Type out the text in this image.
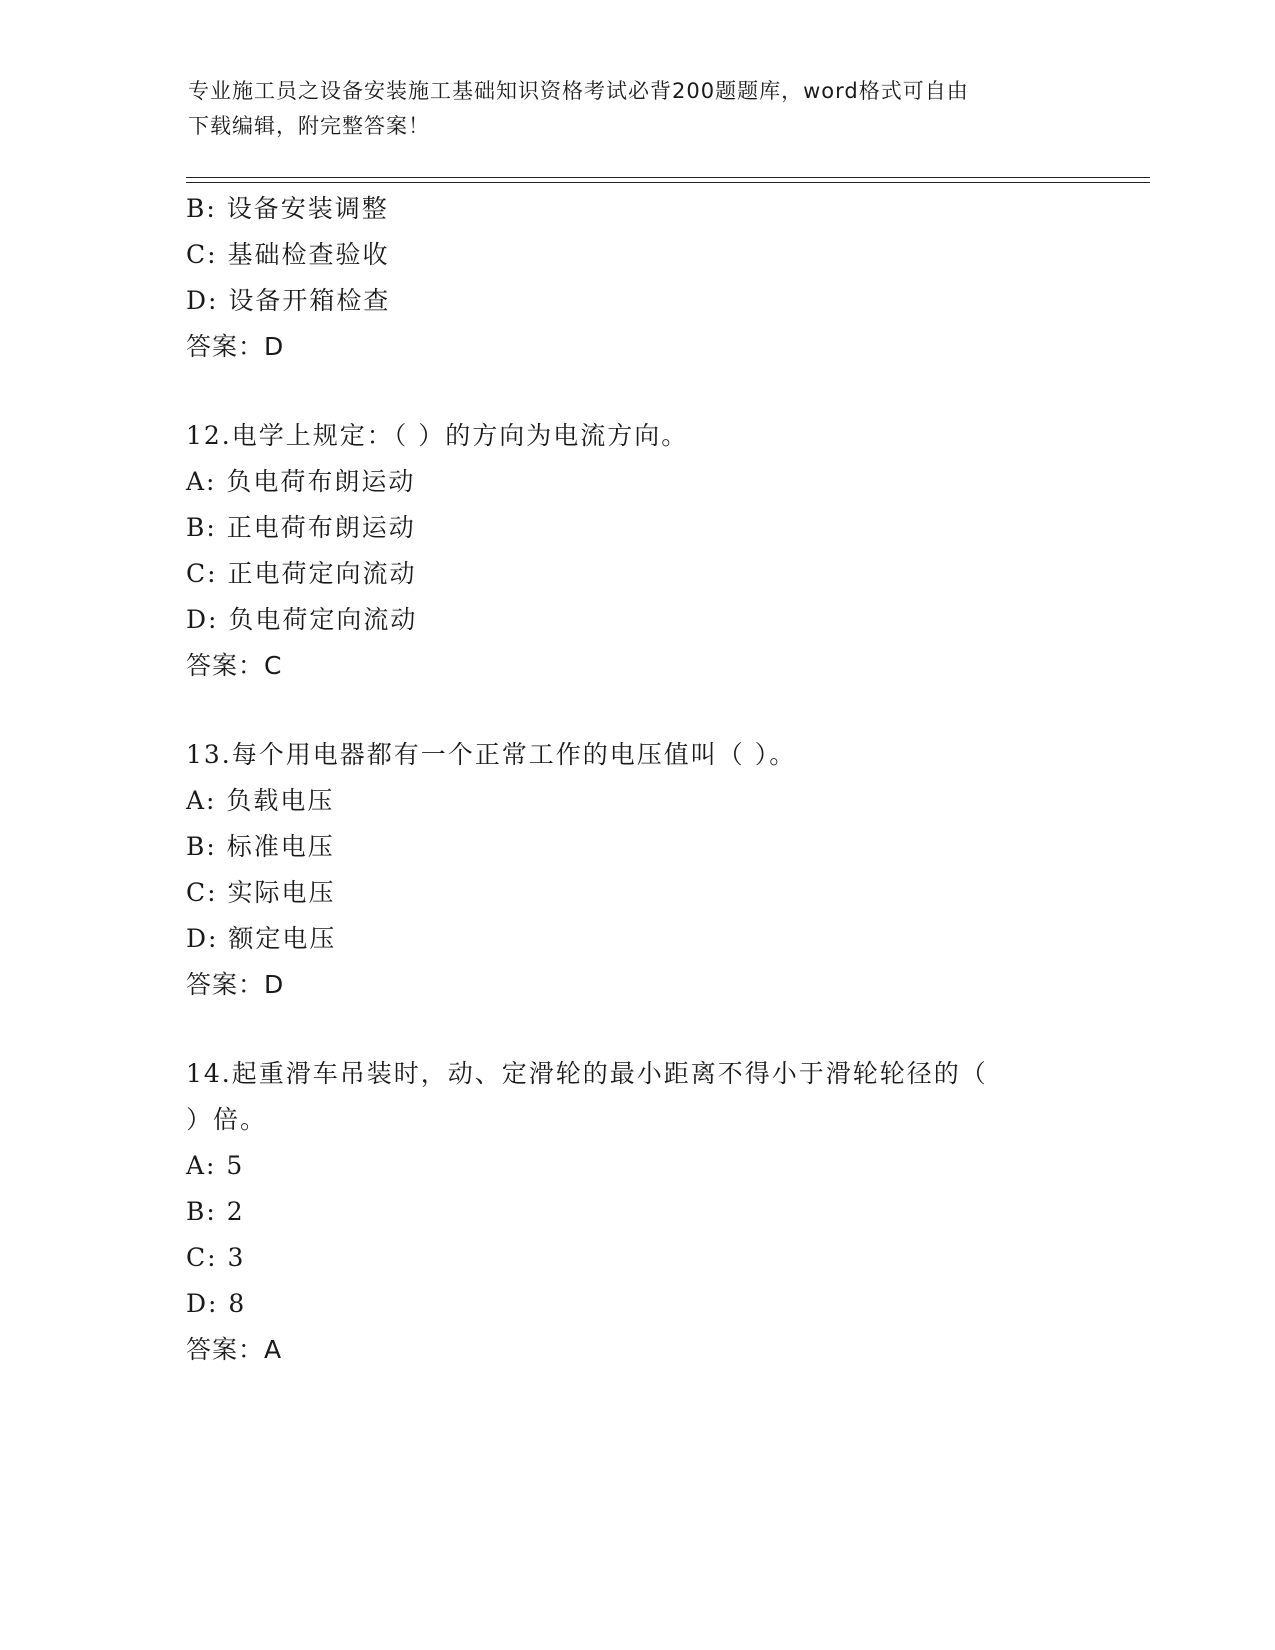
专业施工员之设备安装施工基础知识资格考试必背200题题库，word格式可自由
下载编辑，附完整答案！
B: 设备安装调整
C: 基础检查验收
D: 设备开箱检查
答案：D
12.电学上规定：（ ）的方向为电流方向。
A: 负电荷布朗运动
B: 正电荷布朗运动
C: 正电荷定向流动
D: 负电荷定向流动
答案：C
13.每个用电器都有一个正常工作的电压值叫（ ）。
A: 负载电压
B: 标准电压
C: 实际电压
D: 额定电压
答案：D
14.起重滑车吊装时，动、定滑轮的最小距离不得小于滑轮轮径的（
）倍。
A: 5
B: 2
C: 3
D: 8
答案：A
